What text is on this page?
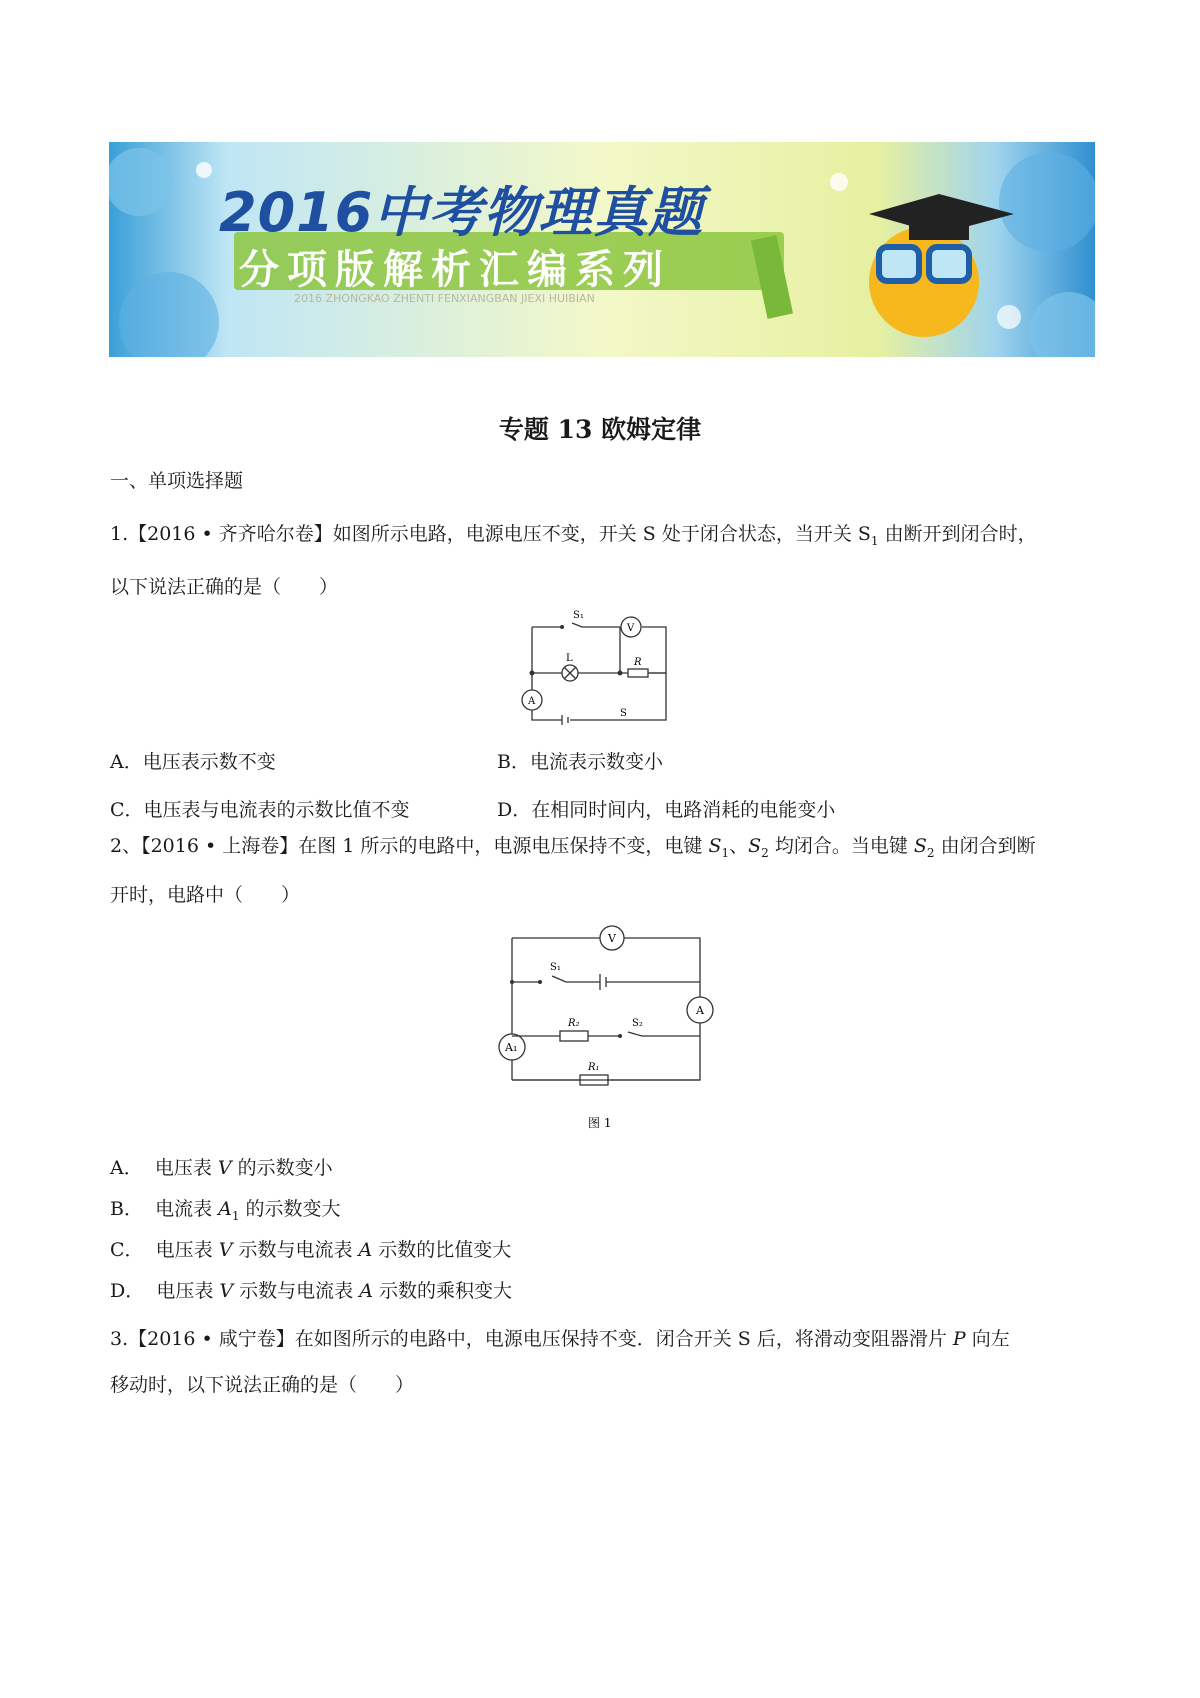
2016中考物理真题
分项版解析汇编系列
2016 ZHONGKAO ZHENTI FENXIANGBAN JIEXI HUIBIAN
专题 13 欧姆定律
一、单项选择题
1.【2016 • 齐齐哈尔卷】如图所示电路，电源电压不变，开关 S 处于闭合状态，当开关 $S_1$ 由断开到闭合时，
以下说法正确的是（　　）
S₁
V
L	R
A
S
A．电压表示数不变	B．电流表示数变小
C．电压表与电流表的示数比值不变	D．在相同时间内，电路消耗的电能变小
2、【2016 • 上海卷】在图 1 所示的电路中，电源电压保持不变，电键 $S_1$、$S_2$ 均闭合。当电键 $S_2$ 由闭合到断
开时，电路中（　　）
V
S₁
A
R₂	S₂
A₁
R₁
图 1
A． 电压表 V 的示数变小
B． 电流表 $A_1$ 的示数变大
C． 电压表 V 示数与电流表 A 示数的比值变大
D． 电压表 V 示数与电流表 A 示数的乘积变大
3.【2016 • 咸宁卷】在如图所示的电路中，电源电压保持不变．闭合开关 S 后，将滑动变阻器滑片 P 向左
移动时，以下说法正确的是（　　）
